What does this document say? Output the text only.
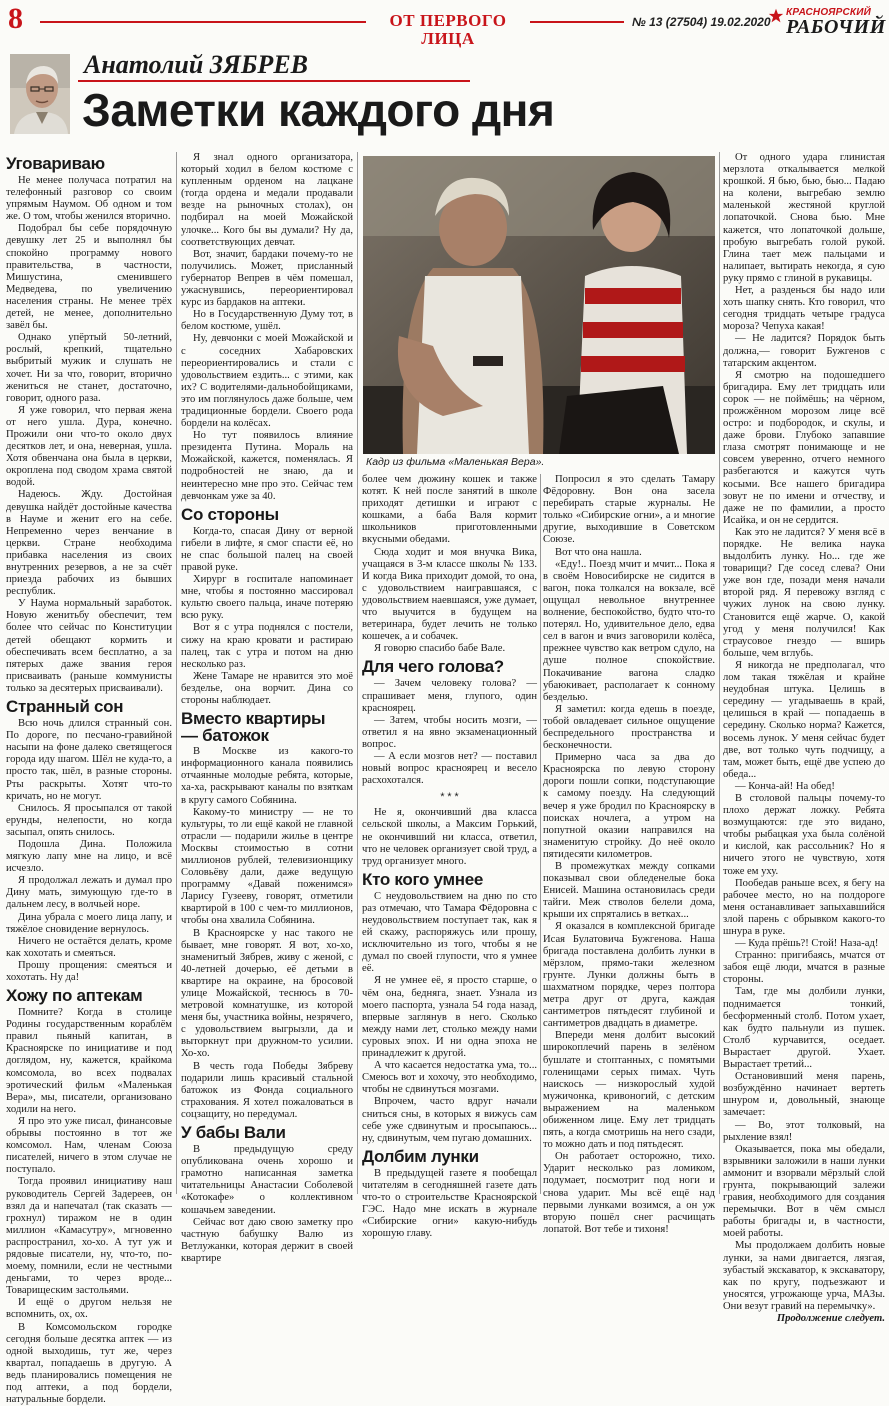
8	ОТ ПЕРВОГО ЛИЦА
№ 13 (27504) 19.02.2020
КРАСНОЯРСКИЙ
РАБОЧИЙ
Анатолий ЗЯБРЕВ
Заметки каждого дня
Кадр из фильма «Маленькая Вера».
Уговариваю

Не менее получаса потратил на телефонный разговор со своим упрямым Наумом. Об одном и том же. О том, чтобы женился вторично.

Подобрал бы себе порядочную девушку лет 25 и выполнял бы спокойно программу нового правительства, в частности, Мишустина, сменившего Медведева, по увеличению населения страны. Не менее трёх детей, не менее, дополнительно завёл бы.

Однако упёртый 50-летний, рослый, крепкий, тщательно выбритый мужик и слушать не хочет. Ни за что, говорит, вторично жениться не станет, достаточно, говорит, одного раза.

Я уже говорил, что первая жена от него ушла. Дура, конечно. Прожили они что-то около двух десятков лет, и она, неверная, ушла. Хотя обвенчана она была в церкви, окроплена под сводом храма святой водой.

Надеюсь. Жду. Достойная девушка найдёт достойные качества в Науме и женит его на себе. Непременно через венчание в церкви. Стране необходима прибавка населения из своих внутренних резервов, а не за счёт приезда рабочих из бывших республик.

У Наума нормальный заработок. Новую женитьбу обеспечит, тем более что сейчас по Конституции детей обещают кормить и обеспечивать всем бесплатно, а за пятерых даже звания героя присваивать (раньше коммунисты только за десятерых присваивали).

Странный сон

Всю ночь длился странный сон. По дороге, по песчано-гравийной насыпи на фоне далеко светящегося города иду шагом. Шёл не куда-то, а просто так, шёл, в разные стороны. Рты раскрыты. Хотят что-то кричать, но не могут.

Снилось. Я просыпался от такой ерунды, нелепости, но когда засыпал, опять снилось.

Подошла Дина. Положила мягкую лапу мне на лицо, и всё исчезло.

Я продолжал лежать и думал про Дину мать, зимующую где-то в дальнем лесу, в волчьей норе.

Дина убрала с моего лица лапу, и тяжёлое сновидение вернулось.

Ничего не остаётся делать, кроме как хохотать и смеяться.

Прошу прощения: смеяться и хохотать. Ну да!

Хожу по аптекам

Помните? Когда в столице Родины государственным кораблём правил пьяный капитан, в Красноярске по инициативе и под доглядом, ну, кажется, крайкома комсомола, во всех подвалах эротический фильм «Маленькая Вера», мы, писатели, организовано ходили на него.

Я про это уже писал, финансовые обрывы постоянно в тот же комсомол. Нам, членам Союза писателей, ничего в этом случае не поступало.

Тогда проявил инициативу наш руководитель Сергей Задереев, он взял да и напечатал (так сказать — грохнул) тиражом не в один миллион «Камасутру», мгновенно распространил, хо-хо. А тут уж и рядовые писатели, ну, что-то, по-моему, помнили, если не честными деньгами, то через вроде... Товарищеским застольями.

И ещё о другом нельзя не вспомнить, ох, ох.

В Комсомольском городке сегодня больше десятка аптек — из одной выходишь, тут же, через квартал, попадаешь в другую. А ведь планировались помещения не под аптеки, а под бордели, натуральные бордели.

Я знал одного организатора, который ходил в белом костюме с купленным орденом на лацкане (тогда ордена и медали продавали везде на рыночных столах), он подбирал на моей Можайской улочке... Кого бы вы думали? Ну да, соответствующих девчат.

Вот, значит, бардаки почему-то не получились. Может, присланный губернатор Вепрев в чём помешал, ужаснувшись, переориентировал курс из бардаков на аптеки.

Но в Государственную Думу тот, в белом костюме, ушёл.

Ну, девчонки с моей Можайской и с соседних Хабаровских переориентировались и стали с удовольствием ездить... с этими, как их? С водителями-дальнобойщиками, это им поглянулось даже больше, чем традиционные бордели. Своего рода бордели на колёсах.

Но тут появилось влияние президента Путина. Мораль на Можайской, кажется, поменялась. Я подробностей не знаю, да и неинтересно мне про это. Сейчас тем девчонкам уже за 40.

Со стороны

Когда-то, спасая Дину от верной гибели в лифте, я смог спасти её, но не спас большой палец на своей правой руке.

Хирург в госпитале напоминает мне, чтобы я постоянно массировал культю своего пальца, иначе потеряю всю руку.

Вот я с утра поднялся с постели, сижу на краю кровати и растираю палец, так с утра и потом на дню несколько раз.

Жене Тамаре не нравится это моё безделье, она ворчит. Дина со стороны наблюдает.

Вместо квартиры
— батожок

В Москве из какого-то информационного канала появились отчаянные молодые ребята, которые, ха-ха, раскрывают каналы по взяткам в кругу самого Собянина.

Какому-то министру — не то культуры, то ли ещё какой не главной отрасли — подарили жилье в центре Москвы стоимостью в сотни миллионов рублей, телевизионщику Соловьёву дали, даже ведущую программу «Давай поженимся» Ларису Гузееву, говорят, отметили квартирой в 100 с чем-то миллионов, чтобы она хвалила Собянина.

В Красноярске у нас такого не бывает, мне говорят. Я вот, хо-хо, знаменитый Зябрев, живу с женой, с 40-летней дочерью, её детьми в квартире на окраине, на бросовой улице Можайской, теснюсь в 70-метровой комнатушке, из которой меня бы, участника войны, незрячего, с удовольствием выгрызли, да и выторкнут при дружном-то усилии. Хо-хо.

В честь года Победы Зябреву подарили лишь красивый стальной батожок из Фонда социального страхования. Я хотел пожаловаться в соцзащиту, но передумал.

У бабы Вали

В предыдущую среду опубликована очень хорошо и грамотно написанная заметка читательницы Анастасии Соболевой «Котокафе» о коллективном кошачьем заведении.

Сейчас вот даю свою заметку про частную бабушку Валю из Ветлужанки, которая держит в своей квартире

более чем дюжину кошек и также котят. К ней после занятий в школе приходят детишки и играют с кошками, а баба Валя кормит школьников приготовленными вкусными обедами.

Сюда ходит и моя внучка Вика, учащаяся в 3-м классе школы № 133. И когда Вика приходит домой, то она, с удовольствием наигравшаяся, с удовольствием наевшаяся, уже думает, что выучится в будущем на ветеринара, будет лечить не только кошечек, а и собачек.

Я говорю спасибо бабе Вале.

Для чего голова?

— Зачем человеку голова? — спрашивает меня, глупого, один красноярец.

— Затем, чтобы носить мозги, — ответил я на явно экзаменационный вопрос.

— А если мозгов нет? — поставил новый вопрос красноярец и весело расхохотался.

* * *

Не я, окончивший два класса сельской школы, а Максим Горький, не окончивший ни класса, ответил, что не человек организует свой труд, а труд организует много.

Кто кого умнее

С неудовольствием на дню по сто раз отмечаю, что Тамара Фёдоровна с неудовольствием поступает так, как я ей скажу, распоряжусь или прошу, исключительно из того, чтобы я не думал по своей глупости, что я умнее её.

Я не умнее её, я просто старше, о чём она, бедняга, знает. Узнала из моего паспорта, узнала 54 года назад, впервые заглянув в него. Сколько между нами лет, столько между нами суровых эпох. И ни одна эпоха не принадлежит к другой.

А что касается недостатка ума, то... Смеюсь вот и хохочу, это необходимо, чтобы не сдвинуться мозгами.

Впрочем, часто вдруг начали сниться сны, в которых я вижусь сам себе уже сдвинутым и просыпаюсь... ну, сдвинутым, чем пугаю домашних.

Долбим лунки

В предыдущей газете я пообещал читателям в сегодняшней газете дать что-то о строительстве Красноярской ГЭС. Надо мне искать в журнале «Сибирские огни» какую-нибудь хорошую главу.

Попросил я это сделать Тамару Фёдоровну. Вон она засела перебирать старые журналы. Не только «Сибирские огни», а и многие другие, выходившие в Советском Союзе.

Вот что она нашла.

«Еду!.. Поезд мчит и мчит... Пока я в своём Новосибирске не сидится в вагон, пока толкался на вокзале, всё ощущал невольное внутреннее волнение, беспокойство, будто что-то потерял. Но, удивительное дело, едва сел в вагон и вчиз заговорили колёса, прежнее чувство как ветром сдуло, на душе полное спокойствие. Покачивание вагона сладко убаюкивает, располагает к сонному безделью.

Я заметил: когда едешь в поезде, тобой овладевает сильное ощущение беспредельного пространства и бесконечности.

Примерно часа за два до Красноярска по левую сторону дороги пошли сопки, подступающие к самому поезду. На следующий вечер я уже бродил по Красноярску в поисках ночлега, а утром на попутной оказии направился на знаменитую стройку. До неё около пятидесяти километров.

В промежутках между сопками показывал свои обледенелые бока Енисей. Машина остановилась среди тайги. Меж стволов белели дома, крыши их спрятались в ветках...

Я оказался в комплексной бригаде Исая Булатовича Бужгенова. Наша бригада поставлена долбить лунки в мёрзлом, прямо-таки железном грунте. Лунки должны быть в шахматном порядке, через полтора метра друг от друга, каждая сантиметров пятьдесят глубиной и сантиметров двадцать в диаметре.

Впереди меня долбит высокий широкоплечий парень в зелёном бушлате и стоптанных, с помятыми голенищами серых пимах. Чуть наискось — низкорослый худой мужичонка, кривоногий, с детским выражением на маленьком обиженном лице. Ему лет тридцать пять, а когда смотришь на него сзади, то можно дать и под пятьдесят.

Он работает осторожно, тихо. Ударит несколько раз ломиком, подумает, посмотрит под ноги и снова ударит. Мы всё ещё над первыми лунками возимся, а он уж вторую пошёл снег расчищать лопатой. Вот тебе и тихоня!

От одного удара глинистая мерзлота откалывается мелкой крошкой. Я бью, бью, бью... Падаю на колени, выгребаю землю маленькой жестяной круглой лопаточкой. Снова бью. Мне кажется, что лопаточкой дольше, пробую выгребать голой рукой. Глина тает меж пальцами и налипает, вытирать некогда, я сую руку прямо с глиной в рукавицы.

Нет, а разденься бы надо или хоть шапку снять. Кто говорил, что сегодня тридцать четыре градуса мороза? Чепуха какая!

— Не ладится? Порядок быть должна,— говорит Бужгенов с татарским акцентом.

Я смотрю на подошедшего бригадира. Ему лет тридцать или сорок — не поймёшь; на чёрном, прожжённом морозом лице всё остро: и подбородок, и скулы, и даже брови. Глубоко запавшие глаза смотрят понимающе и не совсем уверенно, отчего немного разбегаются и кажутся чуть косыми. Все нашего бригадира зовут не по имени и отчеству, и даже не по фамилии, а просто Исайка, и он не сердится.

Как это не ладится? У меня всё в порядке. Не велика наука выдолбить лунку. Но... где же товарищи? Где сосед слева? Они уже вон где, позади меня начали второй ряд. Я перевожу взгляд с чужих лунок на свою лунку. Становится ещё жарче. О, какой угод у меня получился! Как страусовое гнездо — вширь больше, чем вглубь.

Я никогда не предполагал, что лом такая тяжёлая и крайне неудобная штука. Целишь в середину — угадываешь в край, целишься в край — попадаешь в середину. Сколько норма? Кажется, восемь лунок. У меня сейчас будет две, вот только чуть подчищу, а там, может быть, ещё две успею до обеда...

— Конча-ай! На обед!

В столовой пальцы почему-то плохо держат ложку. Ребята возмущаются: где это видано, чтобы рыбацкая уха была солёной и кислой, как рассольник? Но я ничего этого не чувствую, хотя тоже ем уху.

Пообедав раньше всех, я бегу на рабочее место, но на полдороге меня останавливает запыхавшийся злой парень с обрывком какого-то шнура в руке.

— Куда прёшь?! Стой! Наза-ад!

Странно: пригибаясь, мчатся от забоя ещё люди, мчатся в разные стороны.

Там, где мы долбили лунки, поднимается тонкий, бесформенный столб. Потом ухает, как будто пальнули из пушек. Столб курчавится, оседает. Вырастает другой. Ухает. Вырастает третий...

Остановивший меня парень, возбуждённо начинает вертеть шнуром и, довольный, знающе замечает:

— Во, этот толковый, на рыхление взял!

Оказывается, пока мы обедали, взрывники заложили в наши лунки аммонит и взорвали мёрзлый слой грунта, покрывающий залежи гравия, необходимого для создания перемычки. Вот в чём смысл работы бригады и, в частности, моей работы.

Мы продолжаем долбить новые лунки, за нами двигается, лязгая, зубастый экскаватор, к экскаватору, как по кругу, подъезжают и уносятся, угрожающе урча, МАЗы. Они везут гравий на перемычку».

Продолжение следует.
